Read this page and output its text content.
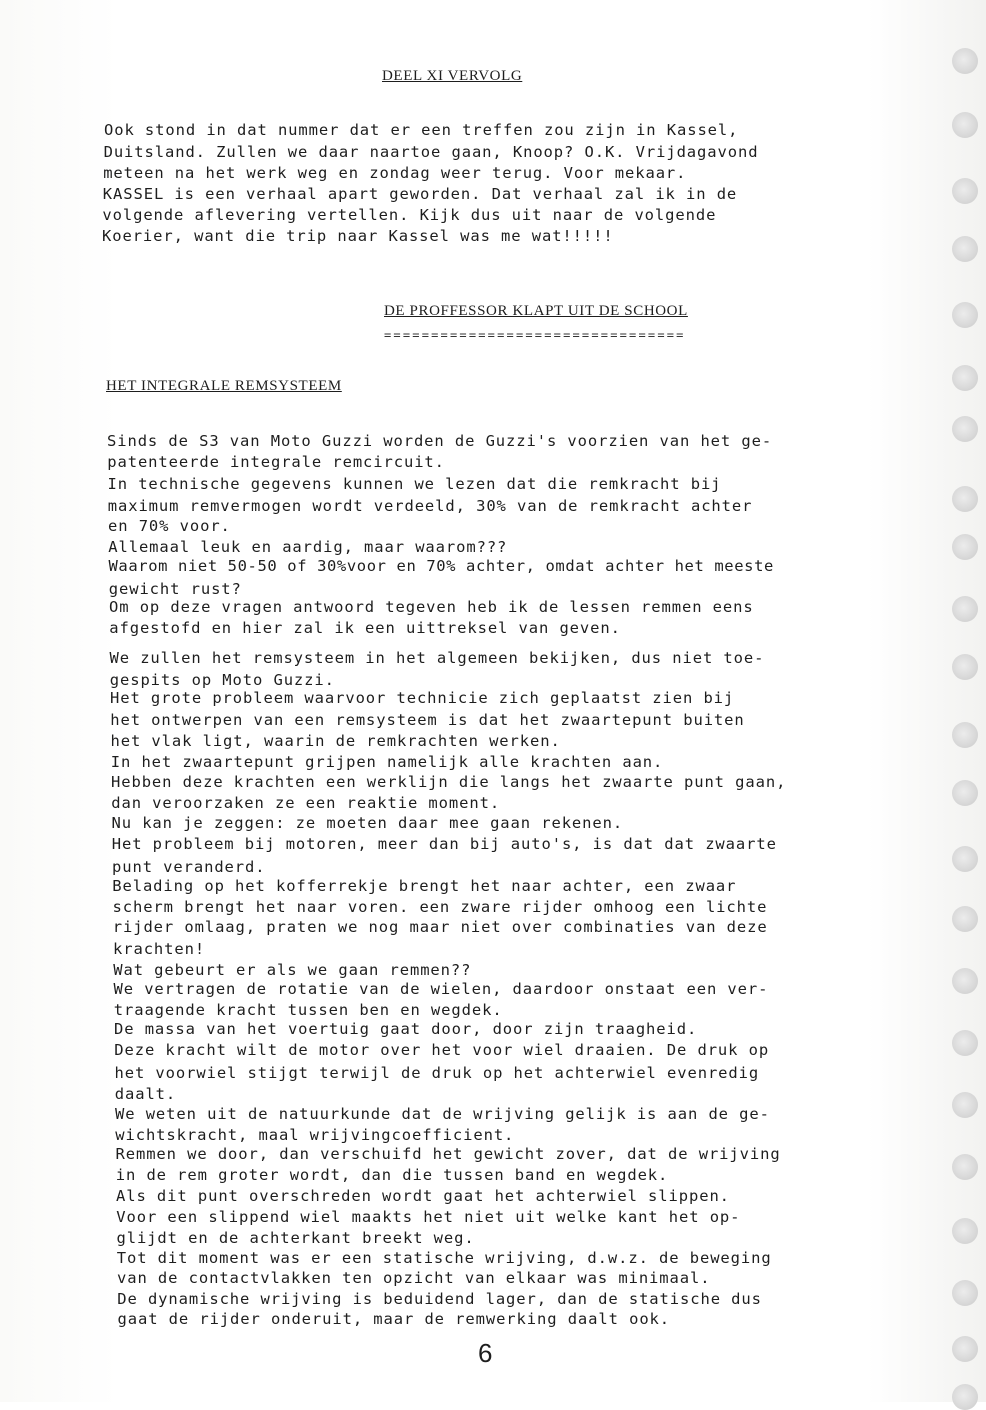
DEEL XI VERVOLG
Ook stond in dat nummer dat er een treffen zou zijn in Kassel,
Duitsland. Zullen we daar naartoe gaan, Knoop? O.K. Vrijdagavond
meteen na het werk weg en zondag weer terug. Voor mekaar.
KASSEL is een verhaal apart geworden. Dat verhaal zal ik in de
volgende aflevering vertellen. Kijk dus uit naar de volgende
Koerier, want die trip naar Kassel was me wat!!!!!
DE PROFFESSOR KLAPT UIT DE SCHOOL
================================
HET INTEGRALE REMSYSTEEM
Sinds de S3 van Moto Guzzi worden de Guzzi's voorzien van het ge-
patenteerde integrale remcircuit.
In technische gegevens kunnen we lezen dat die remkracht bij
maximum remvermogen wordt verdeeld, 30% van de remkracht achter
en 70% voor.
Allemaal leuk en aardig, maar waarom???
Waarom niet 50-50 of 30%voor en 70% achter, omdat achter het meeste
gewicht rust?
Om op deze vragen antwoord tegeven heb ik de lessen remmen eens
afgestofd en hier zal ik een uittreksel van geven.
We zullen het remsysteem in het algemeen bekijken, dus niet toe-
gespits op Moto Guzzi.
Het grote probleem waarvoor technicie zich geplaatst zien bij
het ontwerpen van een remsysteem is dat het zwaartepunt buiten
het vlak ligt, waarin de remkrachten werken.
In het zwaartepunt grijpen namelijk alle krachten aan.
Hebben deze krachten een werklijn die langs het zwaarte punt gaan,
dan veroorzaken ze een reaktie moment.
Nu kan je zeggen: ze moeten daar mee gaan rekenen.
Het probleem bij motoren, meer dan bij auto's, is dat dat zwaarte
punt veranderd.
Belading op het kofferrekje brengt het naar achter, een zwaar
scherm brengt het naar voren. een zware rijder omhoog een lichte
rijder omlaag, praten we nog maar niet over combinaties van deze
krachten!
Wat gebeurt er als we gaan remmen??
We vertragen de rotatie van de wielen, daardoor onstaat een ver-
traagende kracht tussen ben en wegdek.
De massa van het voertuig gaat door, door zijn traagheid.
Deze kracht wilt de motor over het voor wiel draaien. De druk op
het voorwiel stijgt terwijl de druk op het achterwiel evenredig
daalt.
We weten uit de natuurkunde dat de wrijving gelijk is aan de ge-
wichtskracht, maal wrijvingcoefficient.
Remmen we door, dan verschuifd het gewicht zover, dat de wrijving
in de rem groter wordt, dan die tussen band en wegdek.
Als dit punt overschreden wordt gaat het achterwiel slippen.
Voor een slippend wiel maakts het niet uit welke kant het op-
glijdt en de achterkant breekt weg.
Tot dit moment was er een statische wrijving, d.w.z. de beweging
van de contactvlakken ten opzicht van elkaar was minimaal.
De dynamische wrijving is beduidend lager, dan de statische dus
gaat de rijder onderuit, maar de remwerking daalt ook.
6
